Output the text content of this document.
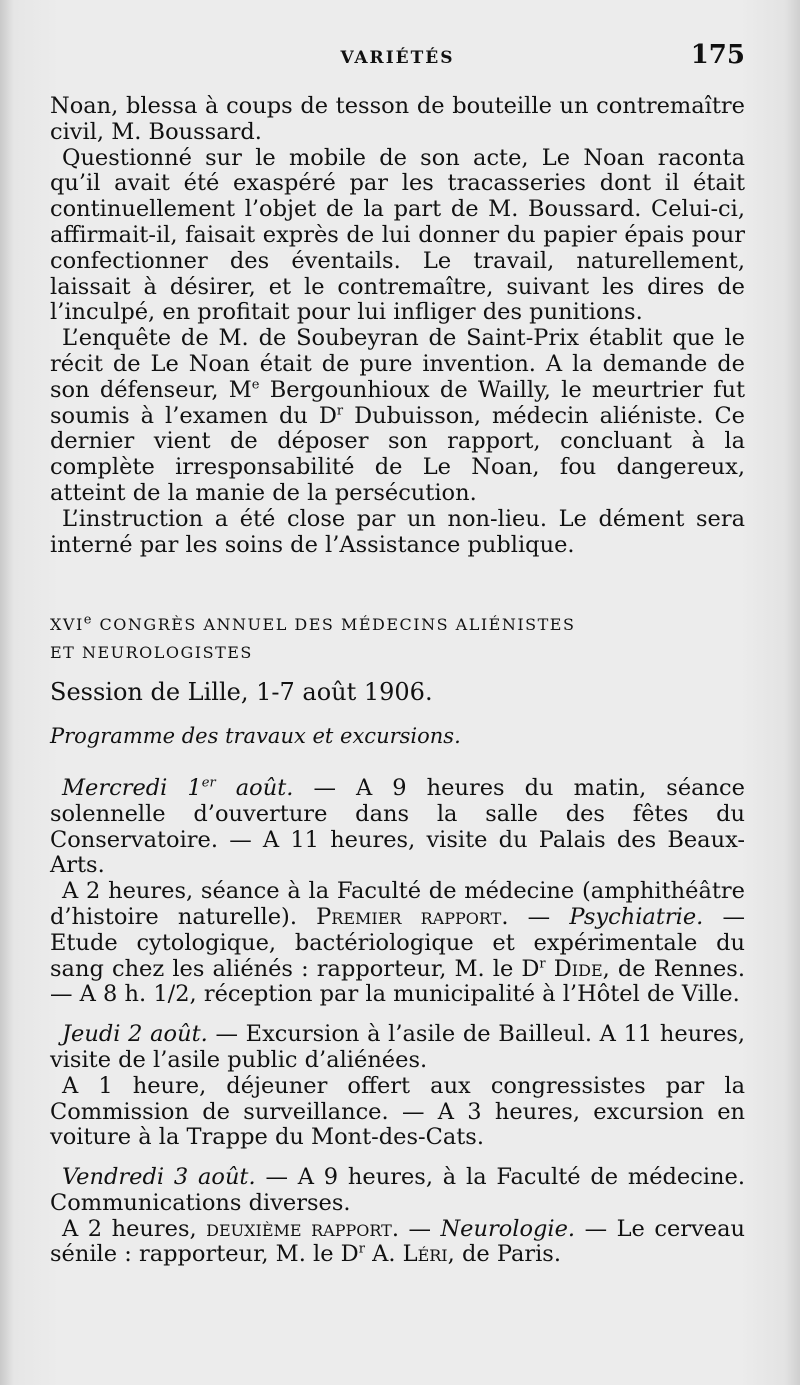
VARIÉTÉS	175

Noan, blessa à coups de tesson de bouteille un contremaître civil, M. Boussard.

Questionné sur le mobile de son acte, Le Noan raconta qu’il avait été exaspéré par les tracasseries dont il était continuellement l’objet de la part de M. Boussard. Celui-ci, affirmait-il, faisait exprès de lui donner du papier épais pour confectionner des éventails. Le travail, naturellement, laissait à désirer, et le contremaître, suivant les dires de l’inculpé, en profitait pour lui infliger des punitions.

L’enquête de M. de Soubeyran de Saint-Prix établit que le récit de Le Noan était de pure invention. A la demande de son défenseur, Me Bergounhioux de Wailly, le meurtrier fut soumis à l’examen du $D^r$ Dubuisson, médecin aliéniste. Ce dernier vient de déposer son rapport, concluant à la complète irresponsabilité de Le Noan, fou dangereux, atteint de la manie de la persécution.

L’instruction a été close par un non-lieu. Le dément sera interné par les soins de l’Assistance publique.

XVIe CONGRÈS ANNUEL DES MÉDECINS ALIÉNISTES

ET NEUROLOGISTES

Session de Lille, 1-7 août 1906.

Programme des travaux et excursions.

Mercredi 1er août. — A 9 heures du matin, séance solennelle d’ouverture dans la salle des fêtes du Conservatoire. — A 11 heures, visite du Palais des Beaux-Arts.

A 2 heures, séance à la Faculté de médecine (amphithéâtre d’histoire naturelle). Premier rapport. — Psychiatrie. — Etude cytologique, bactériologique et expérimentale du sang chez les aliénés : rapporteur, M. le $D^r$ Dide, de Rennes. — A 8 h. 1/2, réception par la municipalité à l’Hôtel de Ville.

Jeudi 2 août. — Excursion à l’asile de Bailleul. A 11 heures, visite de l’asile public d’aliénées.

A 1 heure, déjeuner offert aux congressistes par la Commission de surveillance. — A 3 heures, excursion en voiture à la Trappe du Mont-des-Cats.

Vendredi 3 août. — A 9 heures, à la Faculté de médecine. Communications diverses.

A 2 heures, deuxième rapport. — Neurologie. — Le cerveau sénile : rapporteur, M. le $D^r$ A. Léri, de Paris.
